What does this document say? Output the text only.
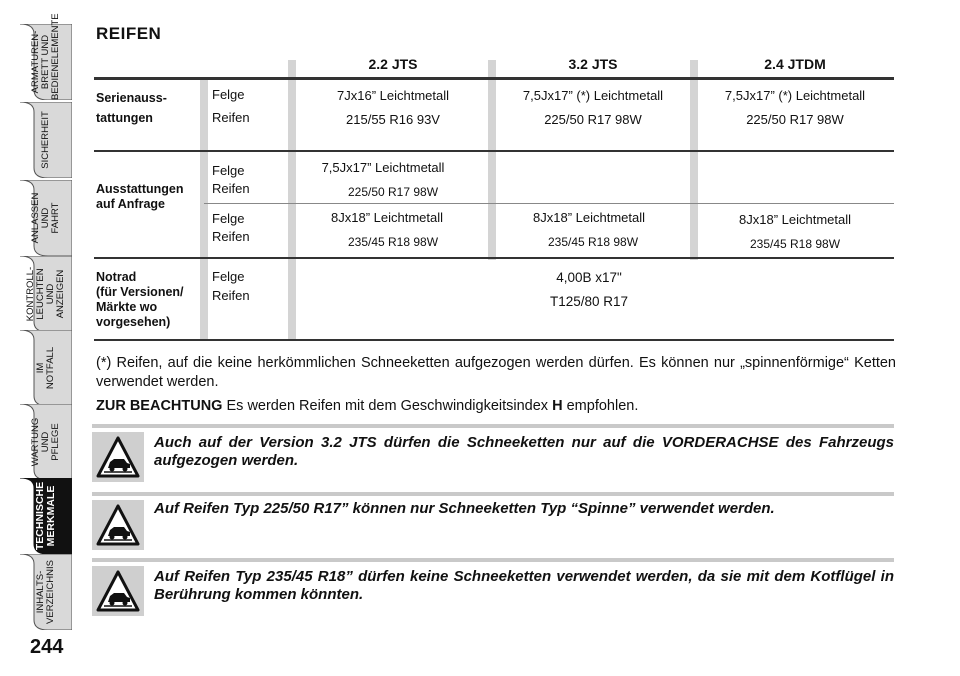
ARMATUREN-
BRETT UND
BEDIENELEMENTE
SICHERHEIT
ANLASSEN
UND FAHRT
KONTROLL-
LEUCHTEN
UND ANZEIGEN
IM NOTFALL
WARTUNG
UND PFLEGE
TECHNISCHE
MERKMALE
INHALTS-
VERZEICHNIS
244
REIFEN
2.2 JTS	3.2 JTS	2.4 JTDM
Serienauss-
tattungen
Felge
Reifen
7Jx16” Leichtmetall
215/55 R16 93V
7,5Jx17” (*) Leichtmetall
225/50 R17 98W
7,5Jx17” (*) Leichtmetall
225/50 R17 98W
Ausstattungen
auf Anfrage
Felge
Reifen
Felge
Reifen
7,5Jx17” Leichtmetall
225/50 R17 98W
8Jx18” Leichtmetall
235/45 R18 98W
8Jx18” Leichtmetall
235/45 R18 98W
8Jx18” Leichtmetall
235/45 R18 98W
Notrad
(für Versionen/
Märkte wo
vorgesehen)
Felge
Reifen
4,00B x17"
T125/80 R17
(*) Reifen, auf die keine herkömmlichen Schneeketten aufgezogen werden dürfen. Es können nur „spinnenförmige“ Ketten verwendet werden.
ZUR BEACHTUNG Es werden Reifen mit dem Geschwindigkeitsindex H empfohlen.
Auch auf der Version 3.2 JTS dürfen die Schneeketten nur auf die VORDERACHSE des Fahrzeugs aufgezogen werden.
Auf Reifen Typ 225/50 R17” können nur Schneeketten Typ “Spinne” verwendet werden.
Auf Reifen Typ 235/45 R18” dürfen keine Schneeketten verwendet werden, da sie mit dem Kotflügel in Berührung kommen könnten.
